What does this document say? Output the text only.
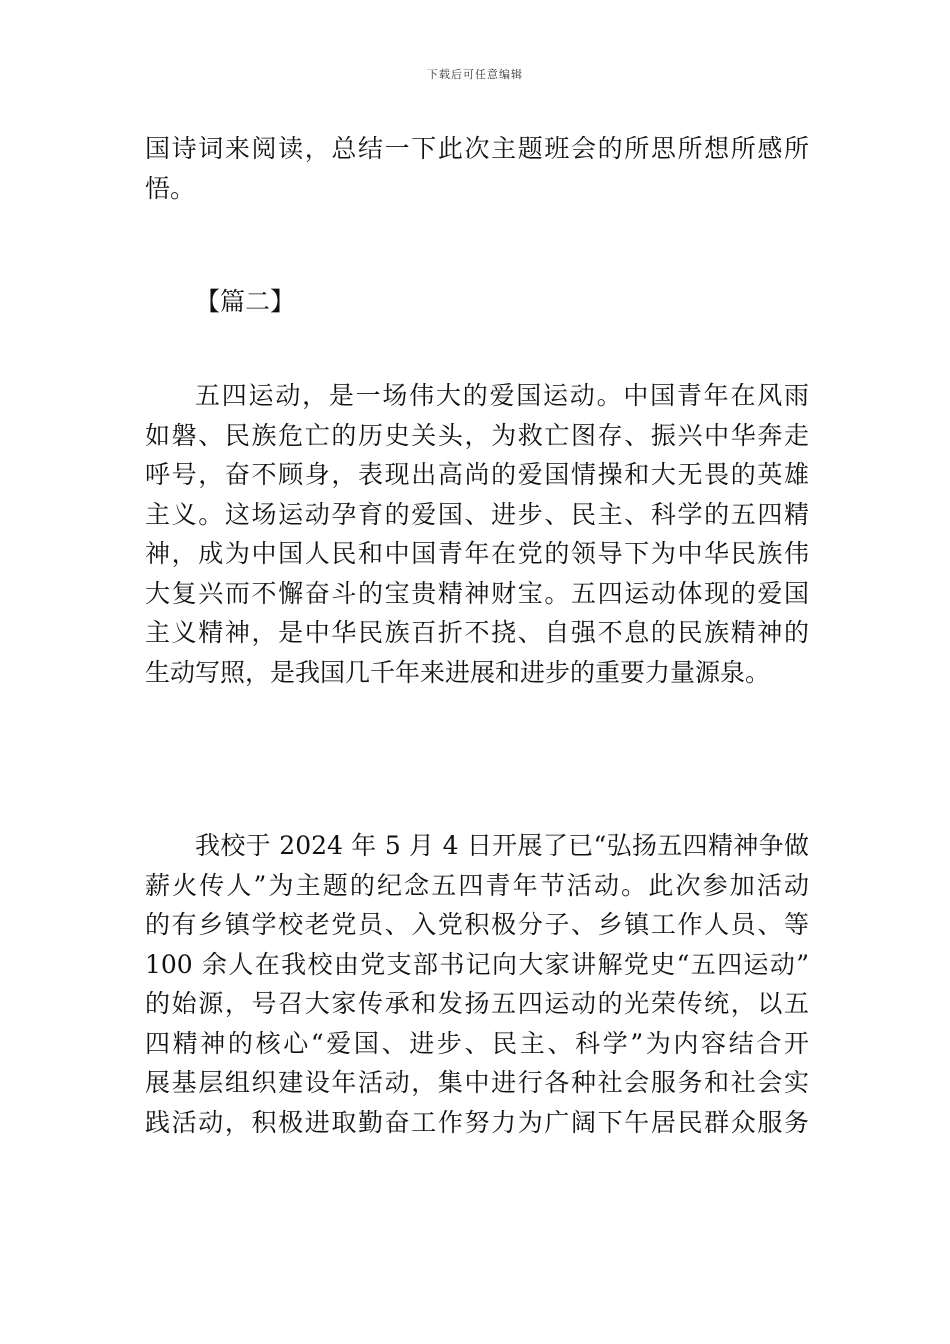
下载后可任意编辑
国诗词来阅读，总结一下此次主题班会的所思所想所感所
悟。
【篇二】
五四运动，是一场伟大的爱国运动。中国青年在风雨
如磐、民族危亡的历史关头，为救亡图存、振兴中华奔走
呼号，奋不顾身，表现出高尚的爱国情操和大无畏的英雄
主义。这场运动孕育的爱国、进步、民主、科学的五四精
神，成为中国人民和中国青年在党的领导下为中华民族伟
大复兴而不懈奋斗的宝贵精神财宝。五四运动体现的爱国
主义精神，是中华民族百折不挠、自强不息的民族精神的
生动写照，是我国几千年来进展和进步的重要力量源泉。
我校于 2024 年 5 月 4 日开展了已“弘扬五四精神争做
薪火传人”为主题的纪念五四青年节活动。此次参加活动
的有乡镇学校老党员、入党积极分子、乡镇工作人员、等
100 余人在我校由党支部书记向大家讲解党史“五四运动”
的始源，号召大家传承和发扬五四运动的光荣传统，以五
四精神的核心“爱国、进步、民主、科学”为内容结合开
展基层组织建设年活动，集中进行各种社会服务和社会实
践活动，积极进取勤奋工作努力为广阔下午居民群众服务
